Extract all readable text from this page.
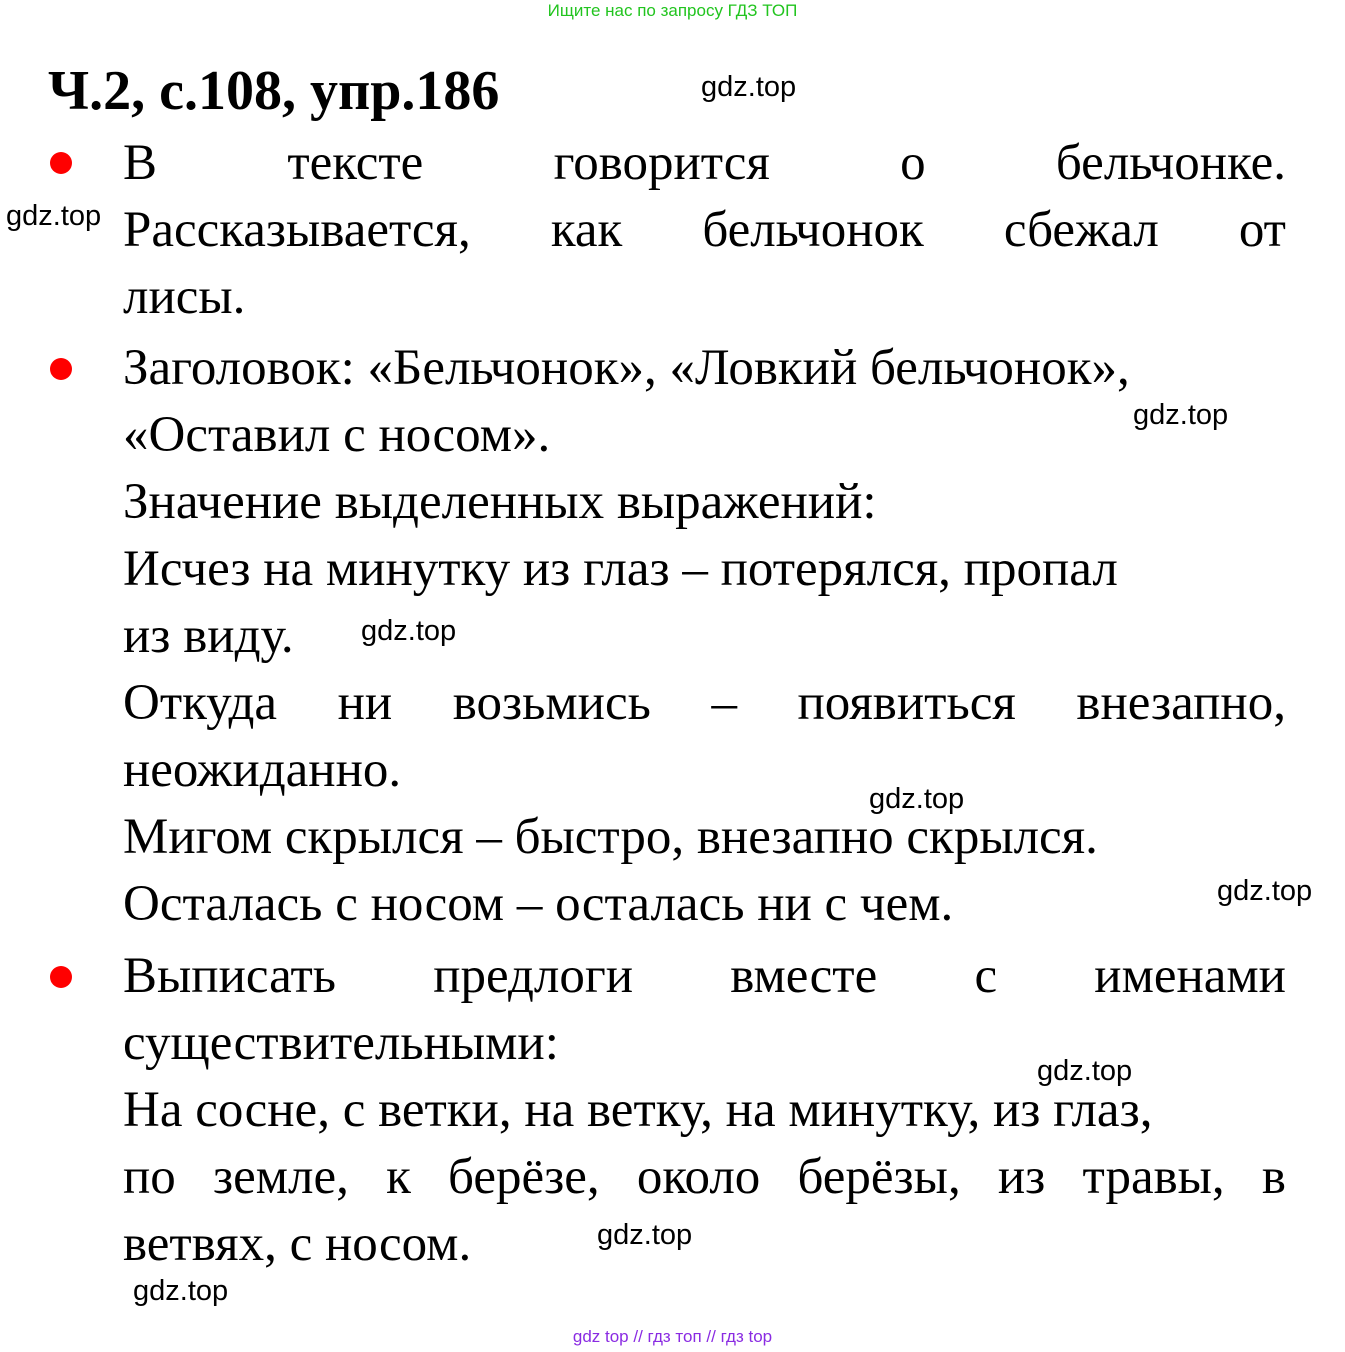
Ищите нас по запросу ГДЗ ТОП
Ч.2, с.108, упр.186	gdz.top
gdz.top
gdz.top
gdz.top
gdz.top
gdz.top
gdz.top
gdz.top
gdz.top
В	тексте	говорится	о	бельчонке.
Рассказывается, как бельчонок сбежал от
лисы.
Заголовок: «Бельчонок», «Ловкий бельчонок»,
«Оставил с носом».
Значение выделенных выражений:
Исчез на минутку из глаз – потерялся, пропал
из виду.
Откуда ни возьмись – появиться внезапно,
неожиданно.
Мигом скрылся – быстро, внезапно скрылся.
Осталась с носом – осталась ни с чем.
Выписать предлоги вместе с именами
существительными:
На сосне, с ветки, на ветку, на минутку, из глаз,
по земле, к берёзе, около берёзы, из травы, в
ветвях, с носом.
gdz top // гдз топ // гдз top
